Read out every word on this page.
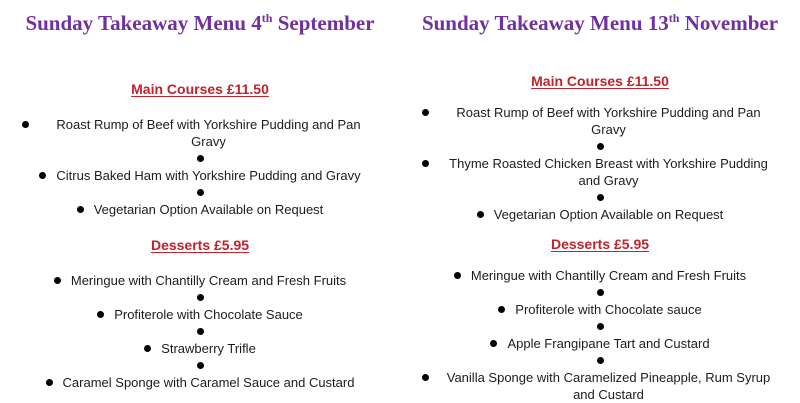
Sunday Takeaway Menu 4th September
Main Courses £11.50
Roast Rump of Beef with Yorkshire Pudding and Pan Gravy
Citrus Baked Ham with Yorkshire Pudding and Gravy
Vegetarian Option Available on Request
Desserts £5.95
Meringue with Chantilly Cream and Fresh Fruits
Profiterole with Chocolate Sauce
Strawberry Trifle
Caramel Sponge with Caramel Sauce and Custard
Sunday Takeaway Menu 13th November
Main Courses £11.50
Roast Rump of Beef with Yorkshire Pudding and Pan Gravy
Thyme Roasted Chicken Breast with Yorkshire Pudding and Gravy
Vegetarian Option Available on Request
Desserts £5.95
Meringue with Chantilly Cream and Fresh Fruits
Profiterole with Chocolate sauce
Apple Frangipane Tart and Custard
Vanilla Sponge with Caramelized Pineapple, Rum Syrup and Custard
